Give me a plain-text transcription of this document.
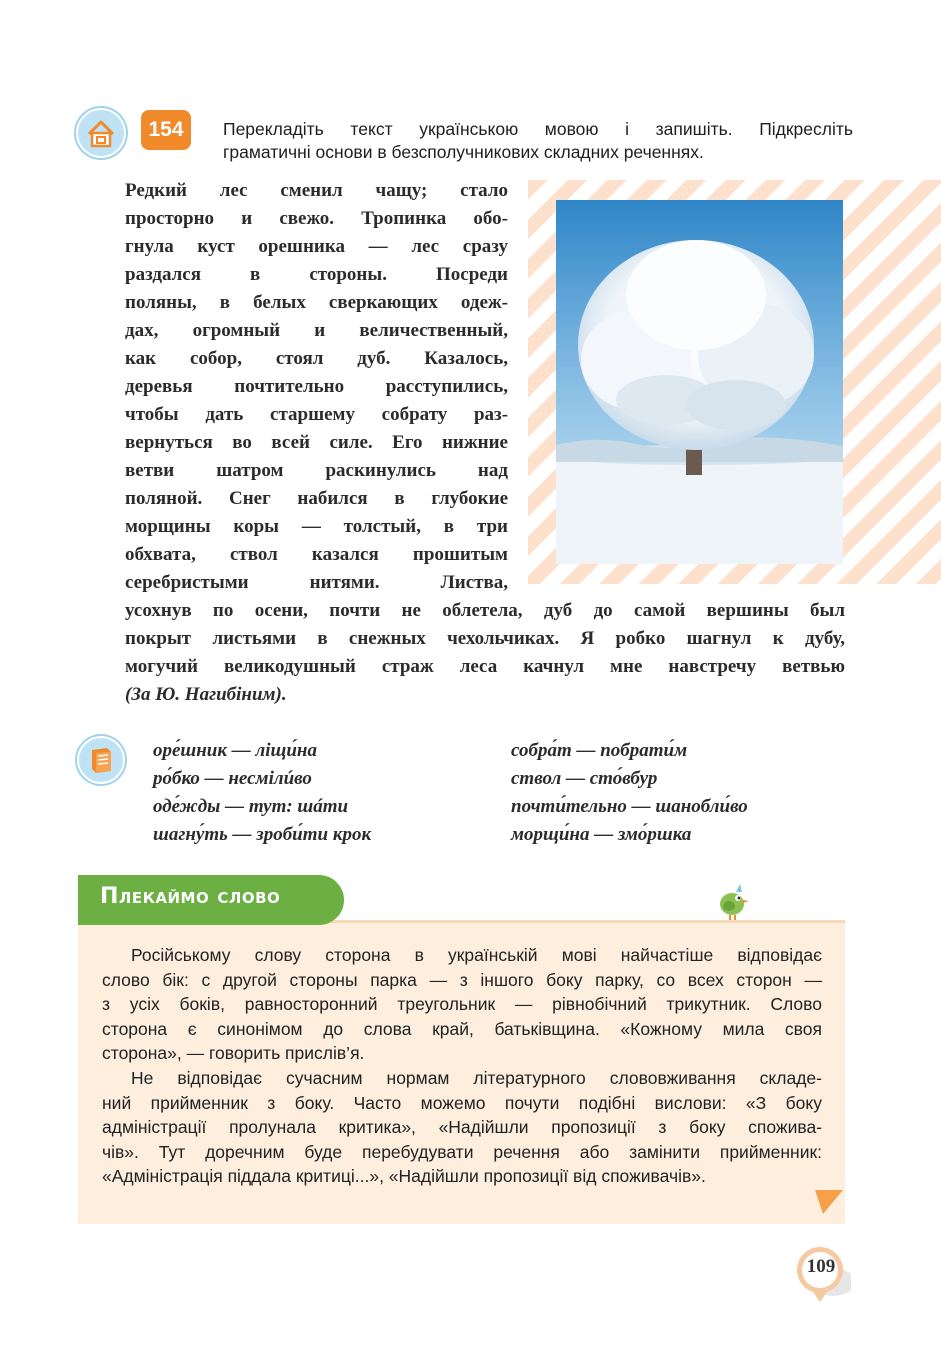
154	Перекладіть текст українською мовою і запишіть. Підкресліть
граматичні основи в безсполучникових складних реченнях.
Редкий лес сменил чащу; стало
просторно и свежо. Тропинка обо-
гнула куст орешника — лес сразу
раздался в стороны. Посреди
поляны, в белых сверкающих одеж-
дах, огромный и величественный,
как собор, стоял дуб. Казалось,
деревья почтительно расступились,
чтобы дать старшему собрату раз-
вернуться во всей силе. Его нижние
ветви шатром раскинулись над
поляной. Снег набился в глубокие
морщины коры — толстый, в три
обхвата, ствол казался прошитым
серебристыми нитями. Листва,
усохнув по осени, почти не облетела, дуб до самой вершины был
покрыт листьями в снежных чехольчиках. Я робко шагнул к дубу,
могучий великодушный страж леса качнул мне навстречу ветвью
(За Ю. Нагибіним).
оре́шник — ліщи́на
ро́бко — несмілúво
оде́жды — тут: шáти
шагну́ть — зроби́ти крок
собра́т — побрати́м
ствол — сто́вбур
почти́тельно — шанобли́во
морщи́на — змо́ршка
Плекаймо слово
Російському слову сторона в українській мові найчастіше відповідає
слово бік: с другой стороны парка — з іншого боку парку, со всех сторон —
з усіх боків, равносторонний треугольник — рівнобічний трикутник. Слово
сторона є синонімом до слова край, батьківщина. «Кожному мила своя
сторона», — говорить прислів’я.
Не відповідає сучасним нормам літературного слововживання складе-
ний прийменник з боку. Часто можемо почути подібні вислови: «З боку
адміністрації пролунала критика», «Надійшли пропозиції з боку спожива-
чів». Тут доречним буде перебудувати речення або замінити прийменник:
«Адміністрація піддала критиці...», «Надійшли пропозиції від споживачів».
109
